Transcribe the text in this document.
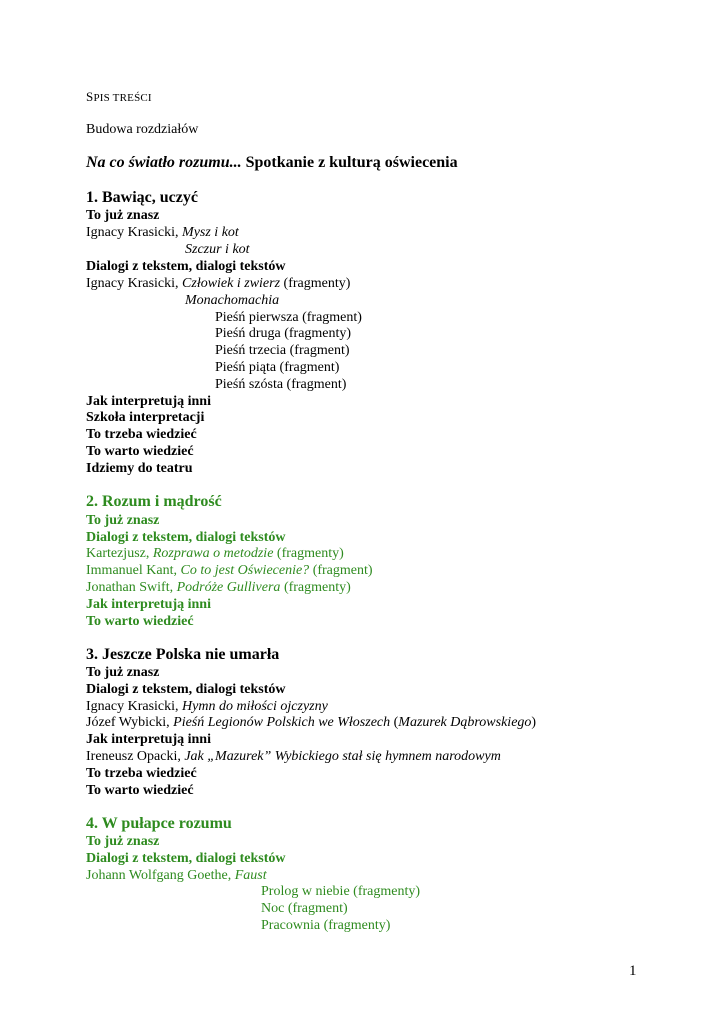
SPIS TREŚCI
Budowa rozdziałów
Na co światło rozumu... Spotkanie z kulturą oświecenia
1. Bawiąc, uczyć
To już znasz
Ignacy Krasicki, Mysz i kot
Szczur i kot
Dialogi z tekstem, dialogi tekstów
Ignacy Krasicki, Człowiek i zwierz (fragmenty)
Monachomachia
Pieśń pierwsza (fragment)
Pieśń druga (fragmenty)
Pieśń trzecia (fragment)
Pieśń piąta (fragment)
Pieśń szósta (fragment)
Jak interpretują inni
Szkoła interpretacji
To trzeba wiedzieć
To warto wiedzieć
Idziemy do teatru
2. Rozum i mądrość
To już znasz
Dialogi z tekstem, dialogi tekstów
Kartezjusz, Rozprawa o metodzie (fragmenty)
Immanuel Kant, Co to jest Oświecenie? (fragment)
Jonathan Swift, Podróże Gullivera (fragmenty)
Jak interpretują inni
To warto wiedzieć
3. Jeszcze Polska nie umarła
To już znasz
Dialogi z tekstem, dialogi tekstów
Ignacy Krasicki, Hymn do miłości ojczyzny
Józef Wybicki, Pieśń Legionów Polskich we Włoszech (Mazurek Dąbrowskiego)
Jak interpretują inni
Ireneusz Opacki, Jak „Mazurek” Wybickiego stał się hymnem narodowym
To trzeba wiedzieć
To warto wiedzieć
4. W pułapce rozumu
To już znasz
Dialogi z tekstem, dialogi tekstów
Johann Wolfgang Goethe, Faust
Prolog w niebie (fragmenty)
Noc (fragment)
Pracownia (fragmenty)
1
